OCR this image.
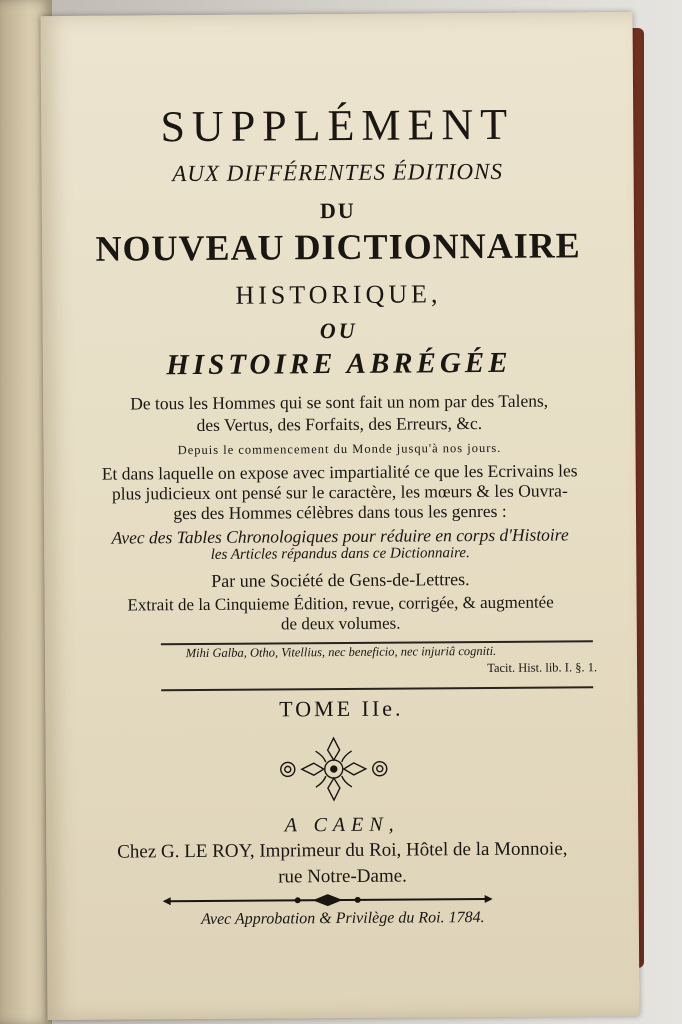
SUPPLÉMENT
AUX DIFFÉRENTES ÉDITIONS
DU
NOUVEAU DICTIONNAIRE
HISTORIQUE,
OU
HISTOIRE ABRÉGÉE
De tous les Hommes qui se sont fait un nom par des Talens,
des Vertus, des Forfaits, des Erreurs, &c.
Depuis le commencement du Monde jusqu'à nos jours.
Et dans laquelle on expose avec impartialité ce que les Ecrivains les
plus judicieux ont pensé sur le caractère, les mœurs & les Ouvra-
ges des Hommes célèbres dans tous les genres :
Avec des Tables Chronologiques pour réduire en corps d'Histoire
les Articles répandus dans ce Dictionnaire.
Par une Société de Gens-de-Lettres.
Extrait de la Cinquieme Édition, revue, corrigée, & augmentée
de deux volumes.
Mihi Galba, Otho, Vitellius, nec beneficio, nec injuriâ cogniti.
Tacit. Hist. lib. I. §. 1.
TOME IIe.
A CAEN,
Chez G. LE ROY, Imprimeur du Roi, Hôtel de la Monnoie,
rue Notre-Dame.
Avec Approbation & Privilège du Roi. 1784.
